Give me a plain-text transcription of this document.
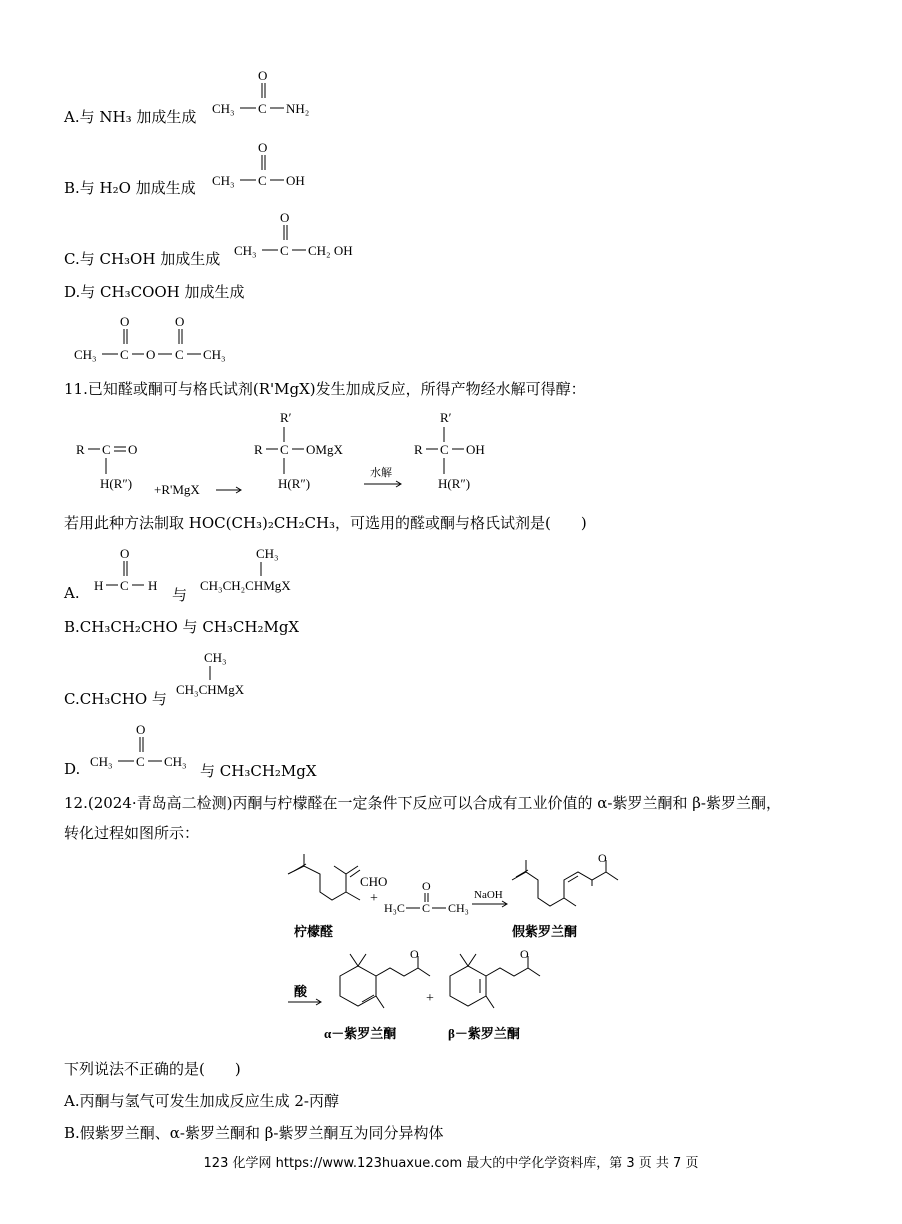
A.与 NH₃ 加成生成
O
CH₃ C NH₂
B.与 H₂O 加成生成
O
CH₃ C OH
C.与 CH₃OH 加成生成
O
CH₃ C CH₂ OH
D.与 CH₃COOH 加成生成
O	O
CH₃ C O C CH₃
11.已知醛或酮可与格氏试剂(R'MgX)发生加成反应，所得产物经水解可得醇：
R C O
H(R″) +R'MgX
R′
R C OMgX
H(R″)
水解
R′
R C OH
H(R″)
若用此种方法制取 HOC(CH₃)₂CH₂CH₃，可选用的醛或酮与格氏试剂是(　　)
A.
O
H C H
与
CH₃
CH₃CH₂CHMgX
B.CH₃CH₂CHO 与 CH₃CH₂MgX
C.CH₃CHO 与
CH₃
CH₃CHMgX
D.
O
CH₃ C CH₃
与 CH₃CH₂MgX
12.(2024·青岛高二检测)丙酮与柠檬醛在一定条件下反应可以合成有工业价值的 α-紫罗兰酮和 β-紫罗兰酮，
转化过程如图所示：
CHO
柠檬醛
+
H₃C C CH₃
O
NaOH
O
假紫罗兰酮
酸
O
α－紫罗兰酮
+
O
β－紫罗兰酮
下列说法不正确的是(　　)
A.丙酮与氢气可发生加成反应生成 2-丙醇
B.假紫罗兰酮、α-紫罗兰酮和 β-紫罗兰酮互为同分异构体
123 化学网 https://www.123huaxue.com 最大的中学化学资料库，第 3 页 共 7 页
